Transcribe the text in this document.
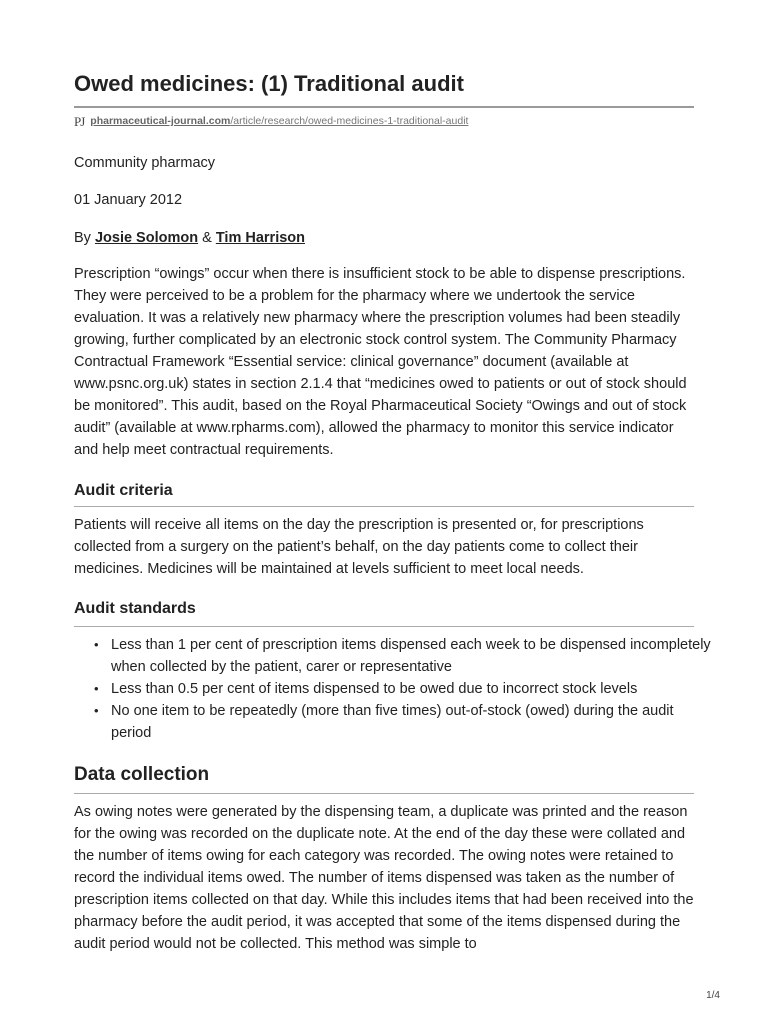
Owed medicines: (1) Traditional audit
PJ pharmaceutical-journal.com /article/research/owed-medicines-1-traditional-audit
Community pharmacy
01 January 2012
By Josie Solomon & Tim Harrison

Prescription “owings” occur when there is insufficient stock to be able to dispense prescriptions. They were perceived to be a problem for the pharmacy where we undertook the service evaluation. It was a relatively new pharmacy where the prescription volumes had been steadily growing, further complicated by an electronic stock control system. The Community Pharmacy Contractual Framework “Essential service: clinical governance” document (available at www.psnc.org.uk) states in section 2.1.4 that “medicines owed to patients or out of stock should be monitored”. This audit, based on the Royal Pharmaceutical Society “Owings and out of stock audit” (available at www.rpharms.com), allowed the pharmacy to monitor this service indicator and help meet contractual requirements.

Audit criteria

Patients will receive all items on the day the prescription is presented or, for prescriptions collected from a surgery on the patient’s behalf, on the day patients come to collect their medicines. Medicines will be maintained at levels sufficient to meet local needs.

Audit standards
• Less than 1 per cent of prescription items dispensed each week to be dispensed incompletely when collected by the patient, carer or representative
• Less than 0.5 per cent of items dispensed to be owed due to incorrect stock levels
• No one item to be repeatedly (more than five times) out-of-stock (owed) during the audit period
Data collection

As owing notes were generated by the dispensing team, a duplicate was printed and the reason for the owing was recorded on the duplicate note. At the end of the day these were collated and the number of items owing for each category was recorded. The owing notes were retained to record the individual items owed. The number of items dispensed was taken as the number of prescription items collected on that day. While this includes items that had been received into the pharmacy before the audit period, it was accepted that some of the items dispensed during the audit period would not be collected. This method was simple to

1/4
